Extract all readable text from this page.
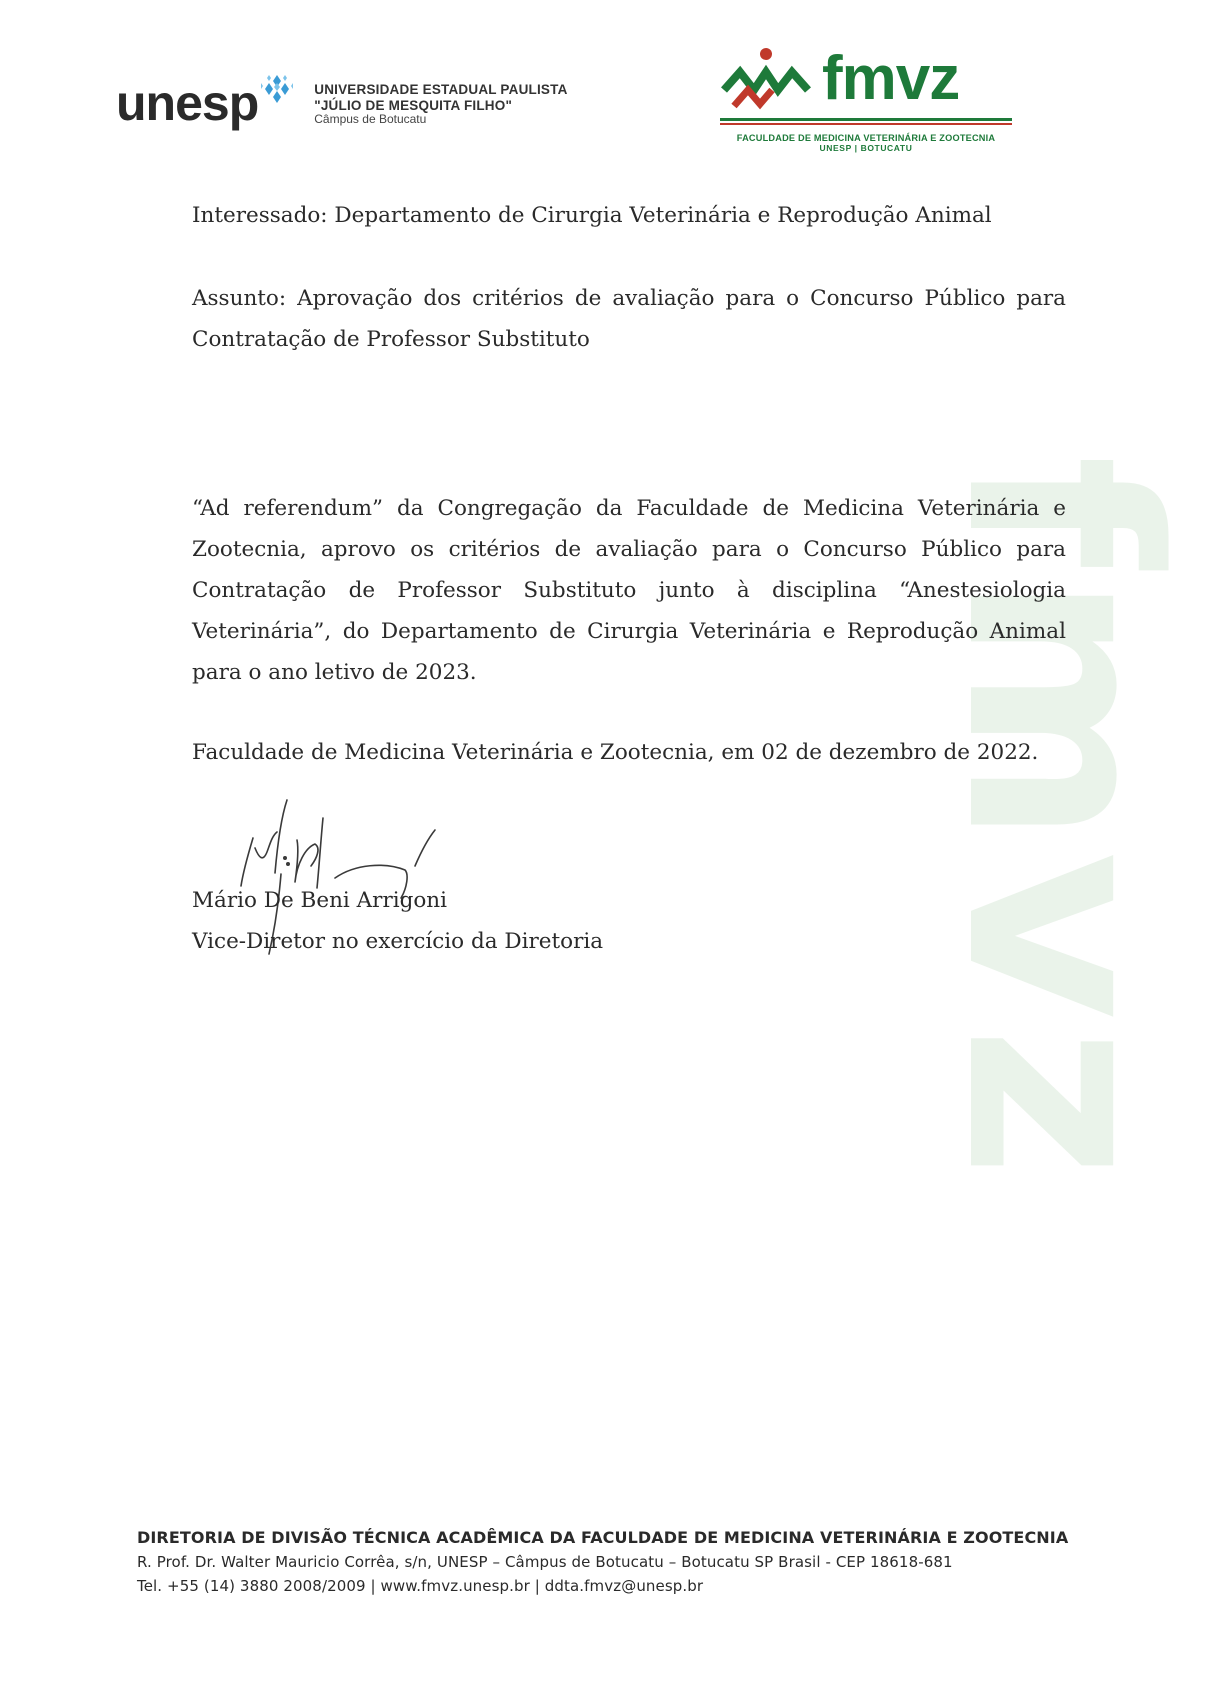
fmvz
unesp	UNIVERSIDADE ESTADUAL PAULISTA
"JÚLIO DE MESQUITA FILHO"
Câmpus de Botucatu
fmvz
FACULDADE DE MEDICINA VETERINÁRIA E ZOOTECNIA
UNESP | BOTUCATU
Interessado: Departamento de Cirurgia Veterinária e Reprodução Animal
Assunto: Aprovação dos critérios de avaliação para o Concurso Público para
Contratação de Professor Substituto
“Ad referendum” da Congregação da Faculdade de Medicina Veterinária e
Zootecnia, aprovo os critérios de avaliação para o Concurso Público para
Contratação de Professor Substituto junto à disciplina “Anestesiologia
Veterinária”, do Departamento de Cirurgia Veterinária e Reprodução Animal
para o ano letivo de 2023.
Faculdade de Medicina Veterinária e Zootecnia, em 02 de dezembro de 2022.
Mário De Beni Arrigoni
Vice-Diretor no exercício da Diretoria
DIRETORIA DE DIVISÃO TÉCNICA ACADÊMICA DA FACULDADE DE MEDICINA VETERINÁRIA E ZOOTECNIA
R. Prof. Dr. Walter Mauricio Corrêa, s/n, UNESP – Câmpus de Botucatu – Botucatu SP Brasil - CEP 18618-681
Tel. +55 (14) 3880 2008/2009 | www.fmvz.unesp.br | ddta.fmvz@unesp.br
